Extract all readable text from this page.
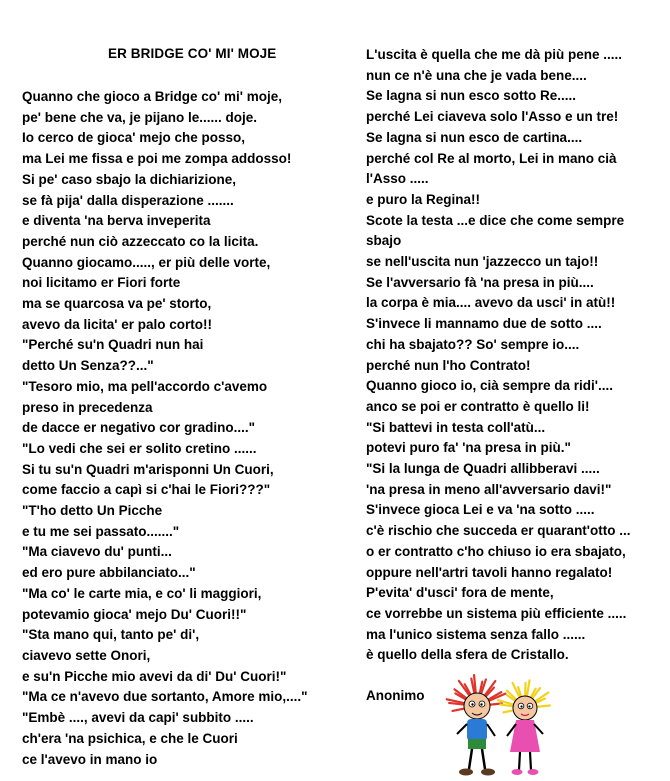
ER BRIDGE CO' MI' MOJE
Quanno che gioco a Bridge co' mi' moje,
pe' bene che va, je pijano le...... doje.
Io cerco de gioca' mejo che posso,
ma Lei me fissa e poi me zompa addosso!
Si pe' caso sbajo la dichiarizione,
se fà pija' dalla disperazione .......
e diventa 'na berva inveperita
perché nun ciò azzeccato co la licita.
Quanno giocamo....., er più delle vorte,
noi licitamo er Fiori forte
ma se quarcosa va pe' storto,
avevo da licita' er palo corto!!
"Perché su'n Quadri nun hai
detto Un Senza??..."
"Tesoro mio, ma pell'accordo c'avemo
preso in precedenza
de dacce er negativo cor gradino...."
"Lo vedi che sei er solito cretino ......
Si tu su'n Quadri m'arisponni Un Cuori,
come faccio a capì si c'hai le Fiori???"
"T'ho detto Un Picche
e tu me sei passato......."
"Ma ciavevo du' punti...
ed ero pure abbilanciato..."
"Ma co' le carte mia, e co' li maggiori,
potevamio gioca' mejo Du' Cuori!!"
"Sta mano qui, tanto pe' di',
ciavevo sette Onori,
e su'n Picche mio avevi da di' Du' Cuori!"
"Ma ce n'avevo due sortanto, Amore mio,...."
"Embè ...., avevi da capi' subbito .....
ch'era 'na psichica, e che le Cuori
ce l'avevo in mano io
L'uscita è quella che me dà più pene .....
nun ce n'è una che je vada bene....
Se lagna si nun esco sotto Re.....
perché Lei ciaveva solo l'Asso e un tre!
Se lagna si nun esco de cartina....
perché col Re al morto, Lei in mano cià
l'Asso .....
e puro la Regina!!
Scote la testa ...e dice che come sempre
sbajo
se nell'uscita nun 'jazzecco un tajo!!
Se l'avversario fà 'na presa in più....
la corpa è mia.... avevo da usci' in atù!!
S'invece li mannamo due de sotto ....
chi ha sbajato?? So' sempre io....
perché nun l'ho Contrato!
Quanno gioco io, cià sempre da ridi'....
anco se poi er contratto è quello li!
"Si battevi in testa coll'atù...
potevi puro fa' 'na presa in più."
"Si la lunga de Quadri allibberavi .....
'na presa in meno all'avversario davi!"
S'invece gioca Lei e va 'na sotto .....
c'è rischio che succeda er quarant'otto ...
o er contratto c'ho chiuso io era sbajato,
oppure nell'artri tavoli hanno regalato!
P'evita' d'usci' fora de mente,
ce vorrebbe un sistema più efficiente .....
ma l'unico sistema senza fallo ......
è quello della sfera de Cristallo.
Anonimo
